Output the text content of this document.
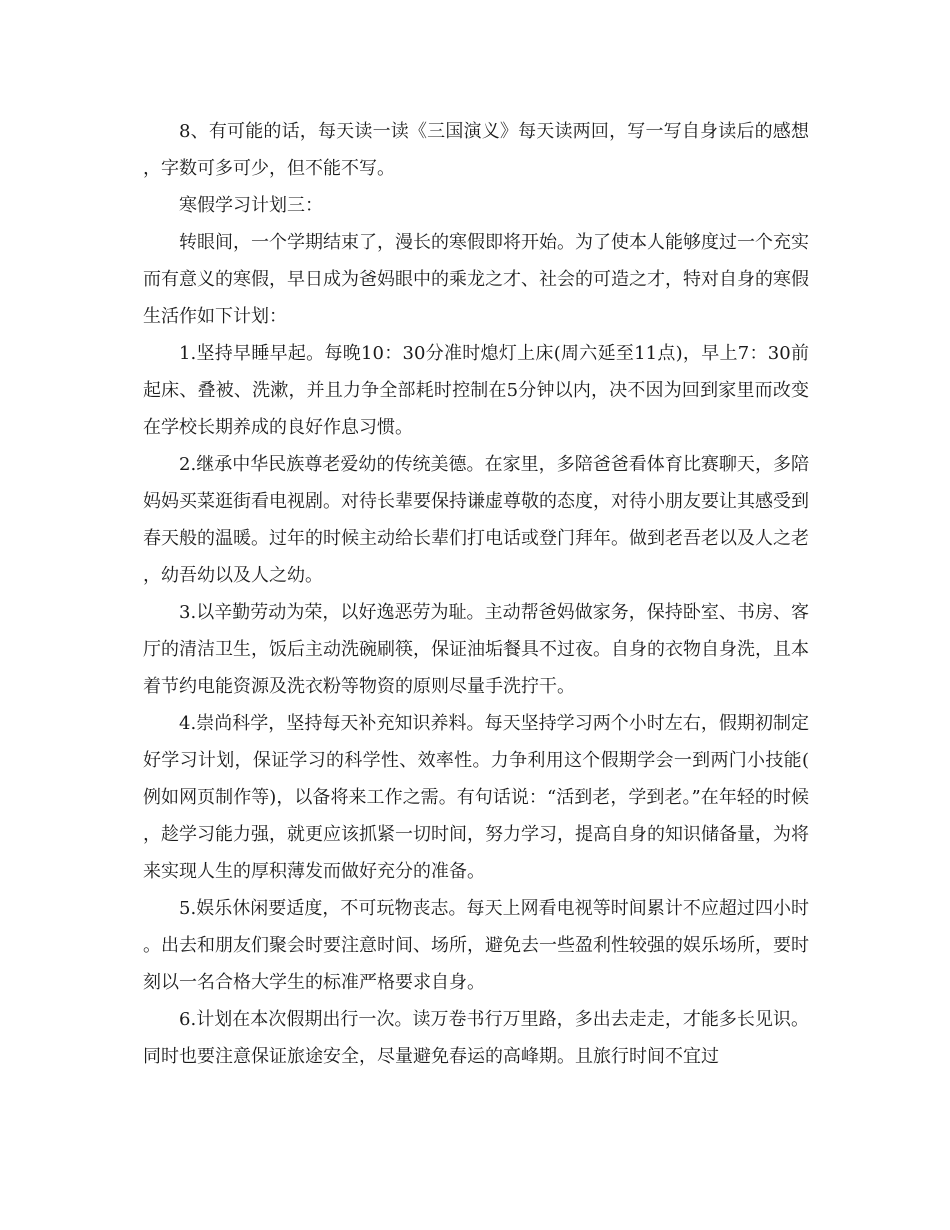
8、有可能的话，每天读一读《三国演义》每天读两回，写一写自身读后的感想，字数可多可少，但不能不写。

寒假学习计划三：

转眼间，一个学期结束了，漫长的寒假即将开始。为了使本人能够度过一个充实而有意义的寒假，早日成为爸妈眼中的乘龙之才、社会的可造之才，特对自身的寒假生活作如下计划：

1.坚持早睡早起。每晚10：30分准时熄灯上床(周六延至11点)，早上7：30前起床、叠被、洗漱，并且力争全部耗时控制在5分钟以内，决不因为回到家里而改变在学校长期养成的良好作息习惯。

2.继承中华民族尊老爱幼的传统美德。在家里，多陪爸爸看体育比赛聊天，多陪妈妈买菜逛街看电视剧。对待长辈要保持谦虚尊敬的态度，对待小朋友要让其感受到春天般的温暖。过年的时候主动给长辈们打电话或登门拜年。做到老吾老以及人之老，幼吾幼以及人之幼。

3.以辛勤劳动为荣，以好逸恶劳为耻。主动帮爸妈做家务，保持卧室、书房、客厅的清洁卫生，饭后主动洗碗刷筷，保证油垢餐具不过夜。自身的衣物自身洗，且本着节约电能资源及洗衣粉等物资的原则尽量手洗拧干。

4.崇尚科学，坚持每天补充知识养料。每天坚持学习两个小时左右，假期初制定好学习计划，保证学习的科学性、效率性。力争利用这个假期学会一到两门小技能(例如网页制作等)，以备将来工作之需。有句话说：“活到老，学到老。”在年轻的时候，趁学习能力强，就更应该抓紧一切时间，努力学习，提高自身的知识储备量，为将来实现人生的厚积薄发而做好充分的准备。

5.娱乐休闲要适度，不可玩物丧志。每天上网看电视等时间累计不应超过四小时。出去和朋友们聚会时要注意时间、场所，避免去一些盈利性较强的娱乐场所，要时刻以一名合格大学生的标准严格要求自身。

6.计划在本次假期出行一次。读万卷书行万里路，多出去走走，才能多长见识。同时也要注意保证旅途安全，尽量避免春运的高峰期。且旅行时间不宜过
